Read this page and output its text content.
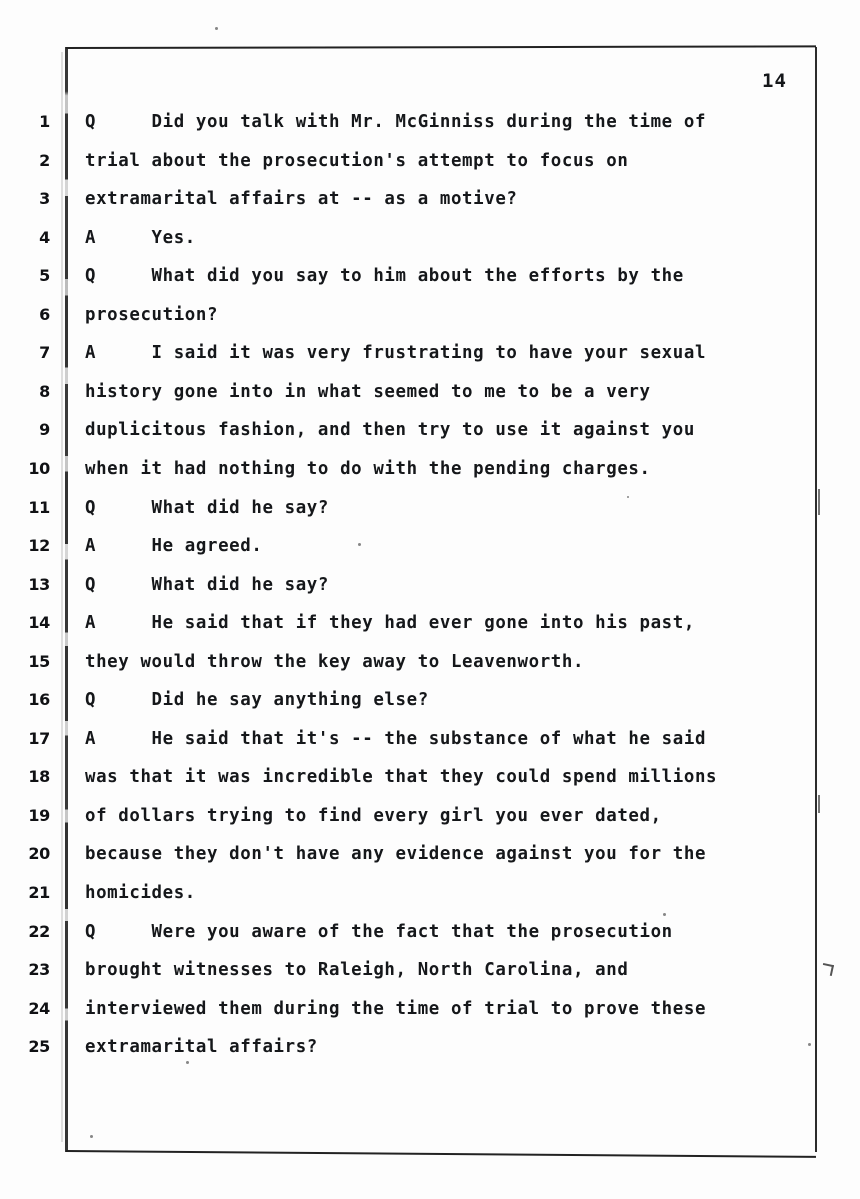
14
1 Q     Did you talk with Mr. McGinniss during the time of
2 trial about the prosecution's attempt to focus on
3 extramarital affairs at -- as a motive?
4 A     Yes.
5 Q     What did you say to him about the efforts by the
6 prosecution?
7 A     I said it was very frustrating to have your sexual
8 history gone into in what seemed to me to be a very
9 duplicitous fashion, and then try to use it against you
10 when it had nothing to do with the pending charges.
11 Q     What did he say?
12 A     He agreed.
13 Q     What did he say?
14 A     He said that if they had ever gone into his past,
15 they would throw the key away to Leavenworth.
16 Q     Did he say anything else?
17 A     He said that it's -- the substance of what he said
18 was that it was incredible that they could spend millions
19 of dollars trying to find every girl you ever dated,
20 because they don't have any evidence against you for the
21 homicides.
22 Q     Were you aware of the fact that the prosecution
23 brought witnesses to Raleigh, North Carolina, and
24 interviewed them during the time of trial to prove these
25 extramarital affairs?
